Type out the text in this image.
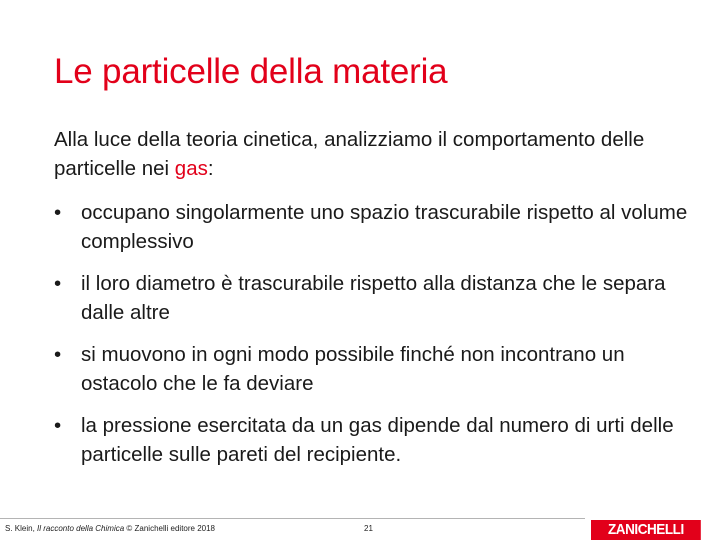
Le particelle della materia
Alla luce della teoria cinetica, analizziamo il comportamento delle particelle nei gas:
• occupano singolarmente uno spazio trascurabile rispetto al volume complessivo
• il loro diametro è trascurabile rispetto alla distanza che le separa dalle altre
• si muovono in ogni modo possibile finché non incontrano un ostacolo che le fa deviare
• la pressione esercitata da un gas dipende dal numero di urti delle particelle sulle pareti del recipiente.
S. Klein, Il racconto della Chimica © Zanichelli editore 2018	21	ZANICHELLI
